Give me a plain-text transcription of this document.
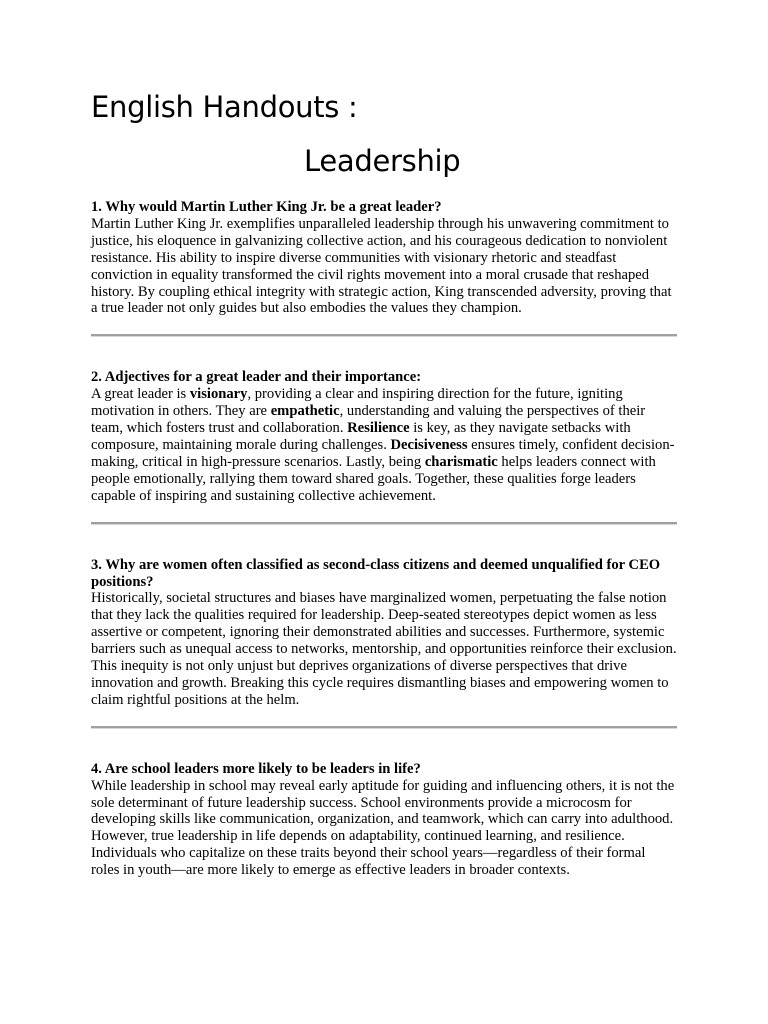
English Handouts :
Leadership

1. Why would Martin Luther King Jr. be a great leader?

Martin Luther King Jr. exemplifies unparalleled leadership through his unwavering commitment to justice, his eloquence in galvanizing collective action, and his courageous dedication to nonviolent resistance. His ability to inspire diverse communities with visionary rhetoric and steadfast conviction in equality transformed the civil rights movement into a moral crusade that reshaped history. By coupling ethical integrity with strategic action, King transcended adversity, proving that a true leader not only guides but also embodies the values they champion.

2. Adjectives for a great leader and their importance:

A great leader is visionary, providing a clear and inspiring direction for the future, igniting motivation in others. They are empathetic, understanding and valuing the perspectives of their team, which fosters trust and collaboration. Resilience is key, as they navigate setbacks with composure, maintaining morale during challenges. Decisiveness ensures timely, confident decision-making, critical in high-pressure scenarios. Lastly, being charismatic helps leaders connect with people emotionally, rallying them toward shared goals. Together, these qualities forge leaders capable of inspiring and sustaining collective achievement.

3. Why are women often classified as second-class citizens and deemed unqualified for CEO positions?

Historically, societal structures and biases have marginalized women, perpetuating the false notion that they lack the qualities required for leadership. Deep-seated stereotypes depict women as less assertive or competent, ignoring their demonstrated abilities and successes. Furthermore, systemic barriers such as unequal access to networks, mentorship, and opportunities reinforce their exclusion. This inequity is not only unjust but deprives organizations of diverse perspectives that drive innovation and growth. Breaking this cycle requires dismantling biases and empowering women to claim rightful positions at the helm.

4. Are school leaders more likely to be leaders in life?

While leadership in school may reveal early aptitude for guiding and influencing others, it is not the sole determinant of future leadership success. School environments provide a microcosm for developing skills like communication, organization, and teamwork, which can carry into adulthood. However, true leadership in life depends on adaptability, continued learning, and resilience. Individuals who capitalize on these traits beyond their school years—regardless of their formal roles in youth—are more likely to emerge as effective leaders in broader contexts.
